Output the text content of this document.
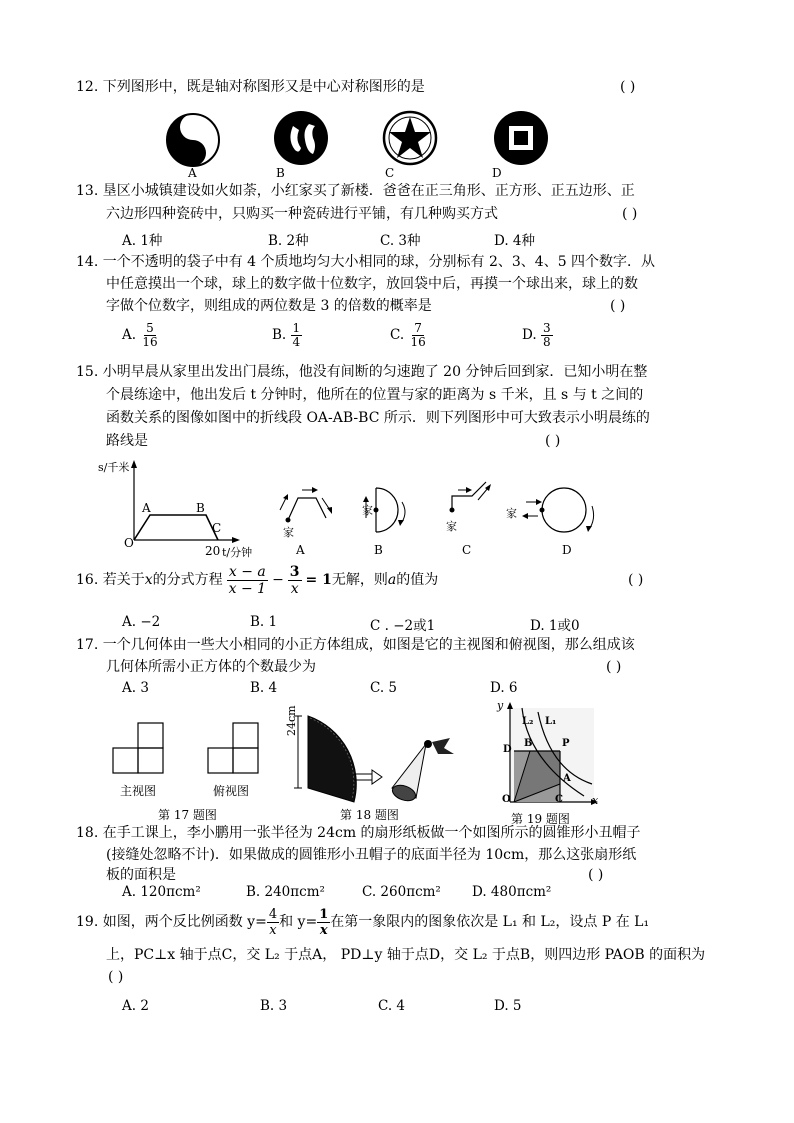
12. 下列图形中，既是轴对称图形又是中心对称图形的是	( )
A	B	C	D
13. 垦区小城镇建设如火如荼，小红家买了新楼．爸爸在正三角形、正方形、正五边形、正
六边形四种瓷砖中，只购买一种瓷砖进行平铺，有几种购买方式	( )
A. 1种	B. 2种	C. 3种	D. 4种
14. 一个不透明的袋子中有 4 个质地均匀大小相同的球，分别标有 2、3、4、5 四个数字．从
中任意摸出一个球，球上的数字做十位数字，放回袋中后，再摸一个球出来，球上的数
字做个位数字，则组成的两位数是 3 的倍数的概率是	( )
A. $\frac{5}{16}$	B. $\frac{1}{4}$	C. $\frac{7}{16}$	D. $\frac{3}{8}$
15. 小明早晨从家里出发出门晨练，他没有间断的匀速跑了 20 分钟后回到家．已知小明在整
个晨练途中，他出发后 t 分钟时，他所在的位置与家的距离为 s 千米，且 s 与 t 之间的
函数关系的图像如图中的折线段 OA-AB-BC 所示．则下列图形中可大致表示小明晨练的
路线是	( )
s/千米
A	B
C
O
20 t/分钟
家
家
家
家
A	B	C	D
16. 若关于 x 的分式方程 $\frac{x - a}{x - 1} - \frac{3}{x} = 1$ 无解，则 a 的值为	( )
A. −2	B. 1	C . −2或1	D. 1或0
17. 一个几何体由一些大小相同的小正方体组成，如图是它的主视图和俯视图，那么组成该
几何体所需小正方体的个数最少为	( )
A. 3	B. 4	C. 5	D. 6
主视图	俯视图
第 17 题图
24cm
第 18 题图
y
L₂ L₁
D
B	P
A
O	C	x
第 19 题图
18. 在手工课上，李小鹏用一张半径为 24cm 的扇形纸板做一个如图所示的圆锥形小丑帽子
(接缝处忽略不计)．如果做成的圆锥形小丑帽子的底面半径为 10cm，那么这张扇形纸
板的面积是	( )
A. 120πcm²	B. 240πcm²	C. 260πcm² D. 480πcm²
19. 如图，两个反比例函数 $y= \frac{4}{x}$ 和 $y= \frac{1}{x}$ 在第一象限内的图象依次是 L₁ 和 L₂，设点 P 在 L₁
上，PC⊥x 轴于点C，交 L₂ 于点A， PD⊥y 轴于点D，交 L₂ 于点B，则四边形 PAOB 的面积为
( )
A. 2	B. 3	C. 4	D. 5
